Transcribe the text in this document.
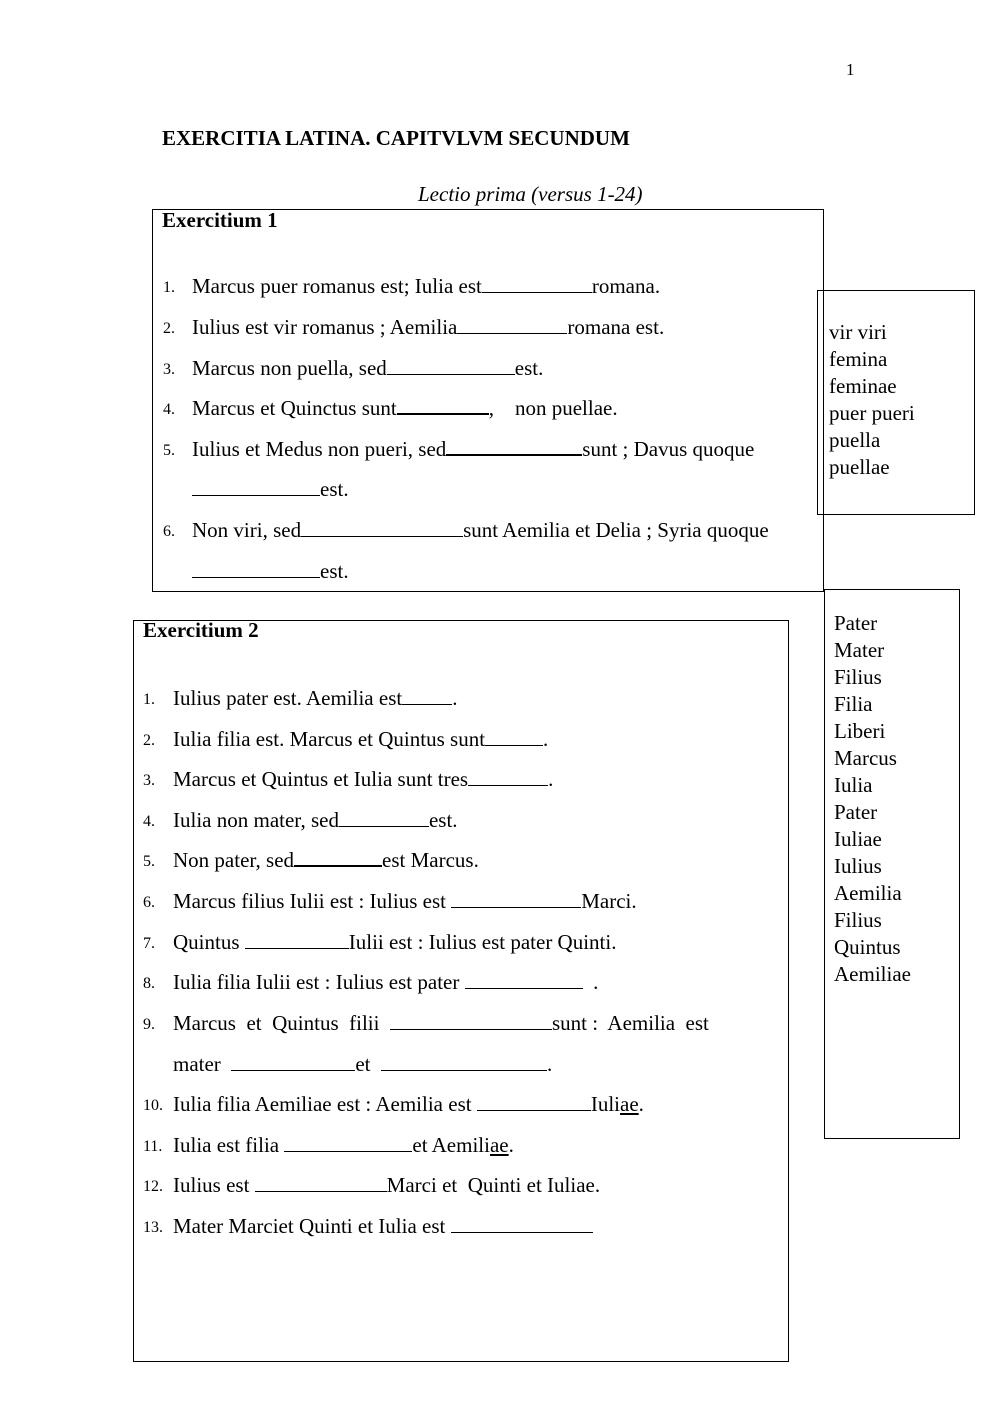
1
EXERCITIA LATINA. CAPITVLVM SECUNDUM
Lectio prima (versus 1-24)
Exercitium 1
1. Marcus puer romanus est; Iulia est	romana.
2. Iulius est vir romanus ; Aemilia	romana est.
3. Marcus non puella, sed	est.
4. Marcus et Quinctus sunt	,    non puellae.
5. Iulius et Medus non pueri, sed	sunt ; Davus quoque
est.
6. Non viri, sed	sunt Aemilia et Delia ; Syria quoque
est.
vir viri
femina
feminae
puer pueri
puella
puellae
Exercitium 2
1. Iulius pater est. Aemilia est .
2. Iulia filia est. Marcus et Quintus sunt	.
3. Marcus et Quintus et Iulia sunt tres	.
4. Iulia non mater, sed	est.
5. Non pater, sed	est Marcus.
6. Marcus filius Iulii est : Iulius est	Marci.
7. Quintus	Iulii est : Iulius est pater Quinti.
8. Iulia filia Iulii est : Iulius est pater	.
9. Marcus  et  Quintus  filii	sunt :  Aemilia  est
mater	et	.
10. Iulia filia Aemiliae est : Aemilia est	Iuliae.
11. Iulia est filia	et Aemiliae.
12. Iulius est	Marci et  Quinti et Iuliae.
13. Mater Marciet Quinti et Iulia est
Pater
Mater
Filius
Filia
Liberi
Marcus
Iulia
Pater
Iuliae
Iulius
Aemilia
Filius
Quintus
Aemiliae
